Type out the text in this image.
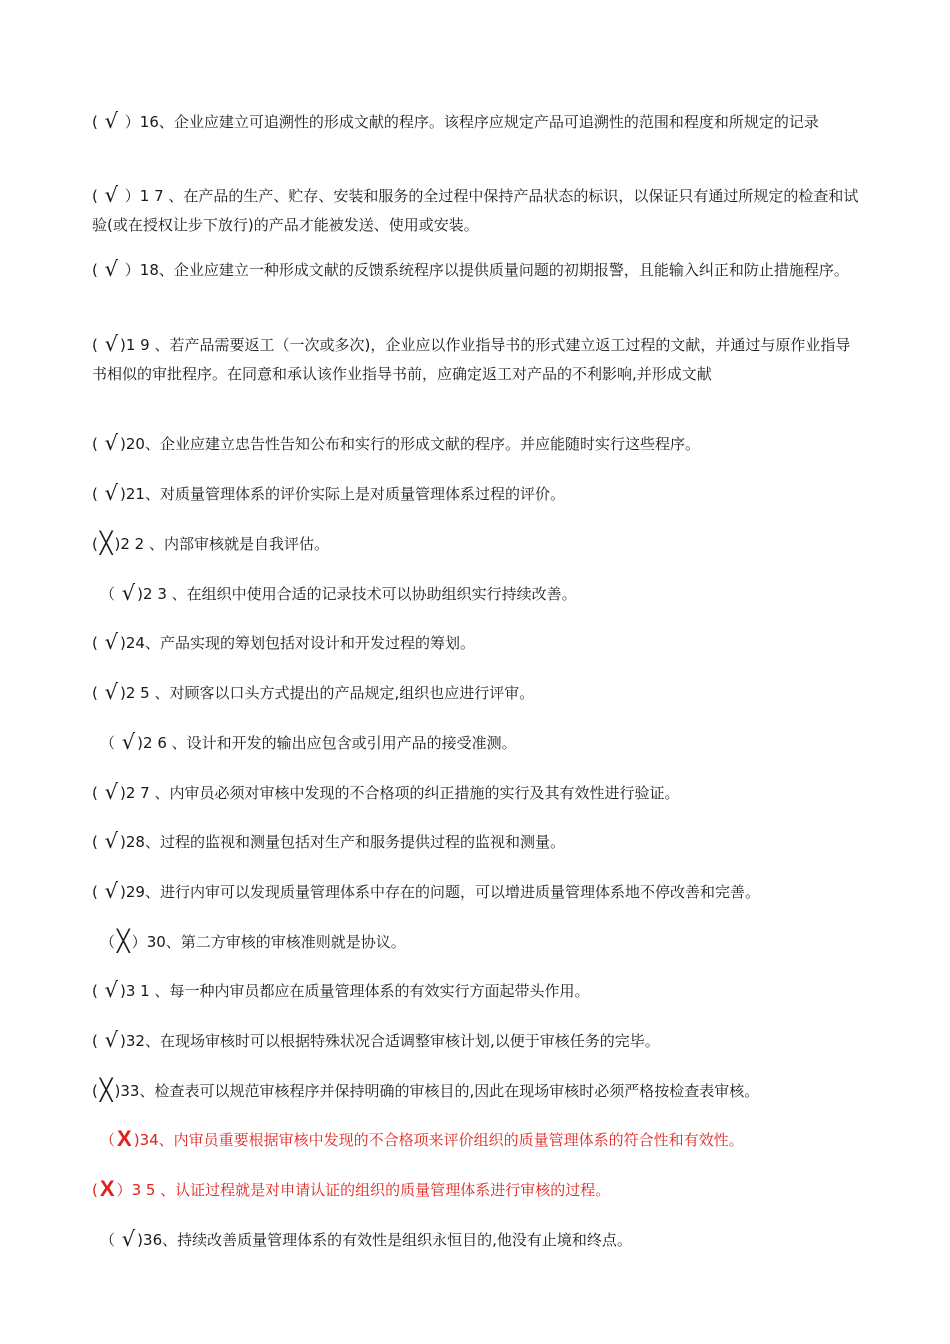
( √ ）16、企业应建立可追溯性的形成文献的程序。该程序应规定产品可追溯性的范围和程度和所规定的记录
( √ ）1 7 、在产品的生产、贮存、安装和服务的全过程中保持产品状态的标识，以保证只有通过所规定的检查和试验(或在授权让步下放行)的产品才能被发送、使用或安装。
( √ ）18、企业应建立一种形成文献的反馈系统程序以提供质量问题的初期报警，且能输入纠正和防止措施程序。
( √ )1 9 、若产品需要返工（一次或多次)，企业应以作业指导书的形式建立返工过程的文献，并通过与原作业指导书相似的审批程序。在同意和承认该作业指导书前，应确定返工对产品的不利影响,并形成文献
( √ )20、企业应建立忠告性告知公布和实行的形成文献的程序。并应能随时实行这些程序。
( √ )21、对质量管理体系的评价实际上是对质量管理体系过程的评价。
(╳ )2 2 、内部审核就是自我评估。
（ √ )2 3 、在组织中使用合适的记录技术可以协助组织实行持续改善。
( √ )24、产品实现的筹划包括对设计和开发过程的筹划。
( √ )2 5 、对顾客以口头方式提出的产品规定,组织也应进行评审。
（ √ )2 6 、设计和开发的输出应包含或引用产品的接受准测。
( √ )2 7 、内审员必须对审核中发现的不合格项的纠正措施的实行及其有效性进行验证。
( √ )28、过程的监视和测量包括对生产和服务提供过程的监视和测量。
( √ )29、进行内审可以发现质量管理体系中存在的问题，可以增进质量管理体系地不停改善和完善。
（╳ ）30、第二方审核的审核准则就是协议。
( √ )3 1 、每一种内审员都应在质量管理体系的有效实行方面起带头作用。
( √ )32、在现场审核时可以根据特殊状况合适调整审核计划,以便于审核任务的完毕。
(╳ )33、检查表可以规范审核程序并保持明确的审核目的,因此在现场审核时必须严格按检查表审核。
（X )34、内审员重要根据审核中发现的不合格项来评价组织的质量管理体系的符合性和有效性。
(X ）3 5 、认证过程就是对申请认证的组织的质量管理体系进行审核的过程。
（ √ )36、持续改善质量管理体系的有效性是组织永恒目的,他没有止境和终点。
